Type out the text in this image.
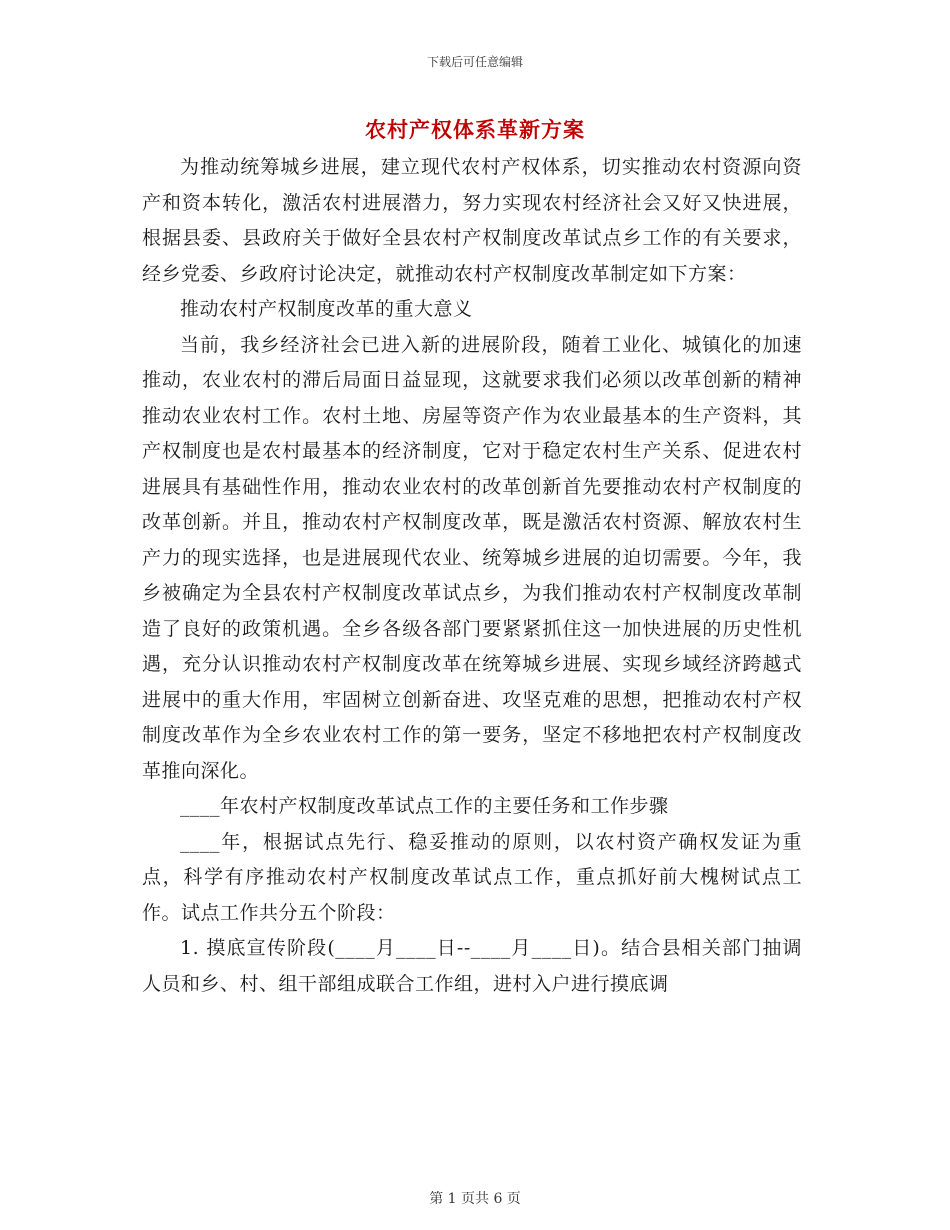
下载后可任意编辑
农村产权体系革新方案

为推动统筹城乡进展，建立现代农村产权体系，切实推动农村资源向资产和资本转化，激活农村进展潜力，努力实现农村经济社会又好又快进展，根据县委、县政府关于做好全县农村产权制度改革试点乡工作的有关要求，经乡党委、乡政府讨论决定，就推动农村产权制度改革制定如下方案：

推动农村产权制度改革的重大意义

当前，我乡经济社会已进入新的进展阶段，随着工业化、城镇化的加速推动，农业农村的滞后局面日益显现，这就要求我们必须以改革创新的精神推动农业农村工作。农村土地、房屋等资产作为农业最基本的生产资料，其产权制度也是农村最基本的经济制度，它对于稳定农村生产关系、促进农村进展具有基础性作用，推动农业农村的改革创新首先要推动农村产权制度的改革创新。并且，推动农村产权制度改革，既是激活农村资源、解放农村生产力的现实选择，也是进展现代农业、统筹城乡进展的迫切需要。今年，我乡被确定为全县农村产权制度改革试点乡，为我们推动农村产权制度改革制造了良好的政策机遇。全乡各级各部门要紧紧抓住这一加快进展的历史性机遇，充分认识推动农村产权制度改革在统筹城乡进展、实现乡域经济跨越式进展中的重大作用，牢固树立创新奋进、攻坚克难的思想，把推动农村产权制度改革作为全乡农业农村工作的第一要务，坚定不移地把农村产权制度改革推向深化。

____年农村产权制度改革试点工作的主要任务和工作步骤

____年，根据试点先行、稳妥推动的原则，以农村资产确权发证为重点，科学有序推动农村产权制度改革试点工作，重点抓好前大槐树试点工作。试点工作共分五个阶段：

1. 摸底宣传阶段(____月____日--____月____日)。结合县相关部门抽调人员和乡、村、组干部组成联合工作组，进村入户进行摸底调

第 1 页共 6 页
